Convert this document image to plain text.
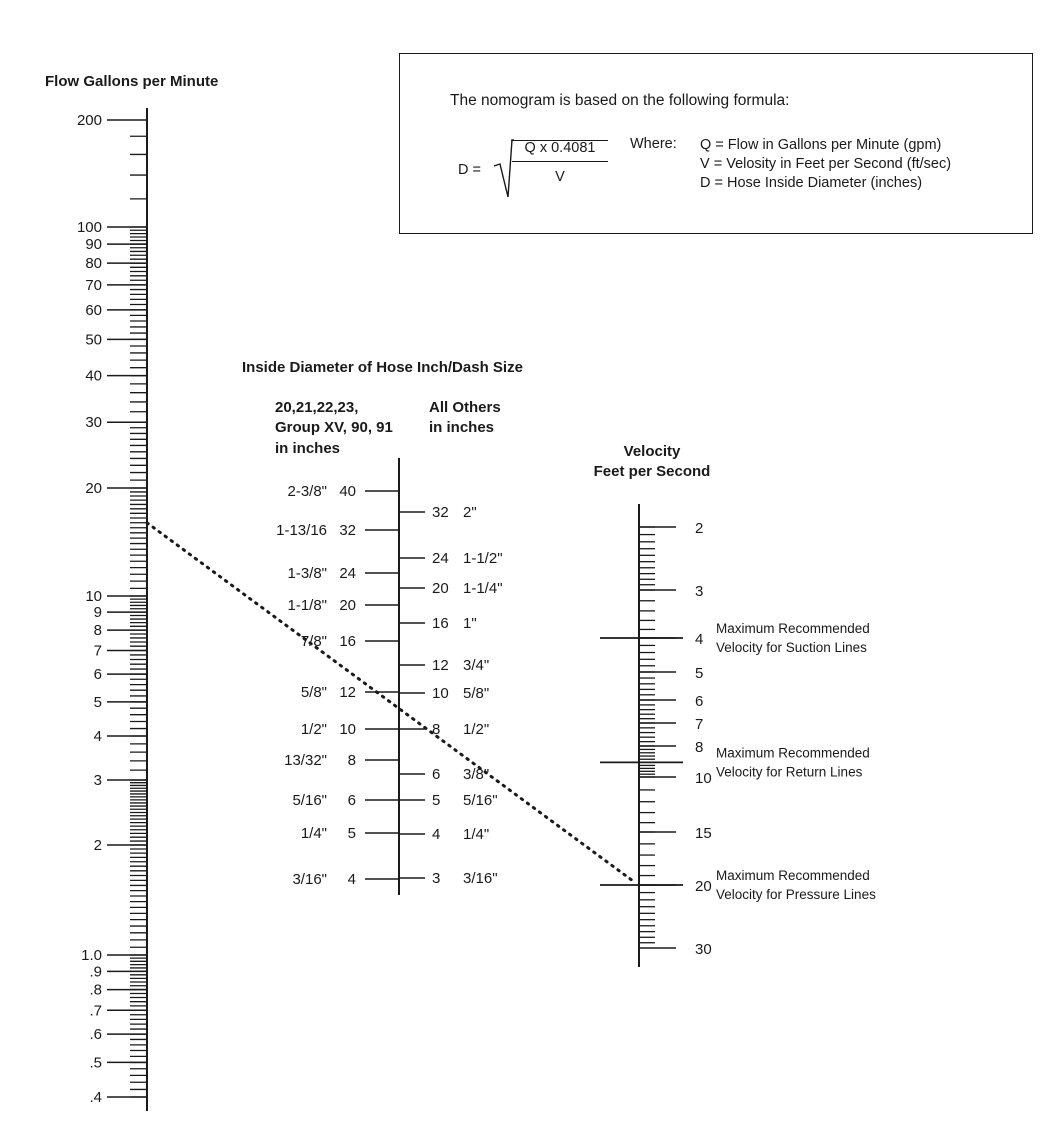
The nomogram is based on the following formula:
D =
Q x 0.4081
V
Where: Q = Flow in Gallons per Minute (gpm)
V = Velosity in Feet per Second (ft/sec)
D = Hose Inside Diameter (inches)
Flow Gallons per Minute
200
100
90
80
70
60
50
40
30
20
10
9
8
7
6
5
4
3
2
1.0
.9
.8
.7
.6
.5
.4
Inside Diameter of Hose Inch/Dash Size
20,21,22,23,
Group XV, 90, 91
in inches
All Others
in inches
40
2-3/8"
32
1-13/16
24
1-3/8"
20
1-1/8"
16
7/8"
12
5/8"
10
1/2"
8
13/32"
6
5/16"
5
1/4"
4
3/16"
32 2"
24 1-1/2"
20 1-1/4"
16 1"
12 3/4"
10 5/8"
8 1/2"
6 3/8"
5 5/16"
4 1/4"
3 3/16"
Velocity
Feet per Second
2
3
4
5
6
7
8
10
15
20
30
Maximum Recommended
Velocity for Suction Lines
Maximum Recommended
Velocity for Return Lines
Maximum Recommended
Velocity for Pressure Lines
